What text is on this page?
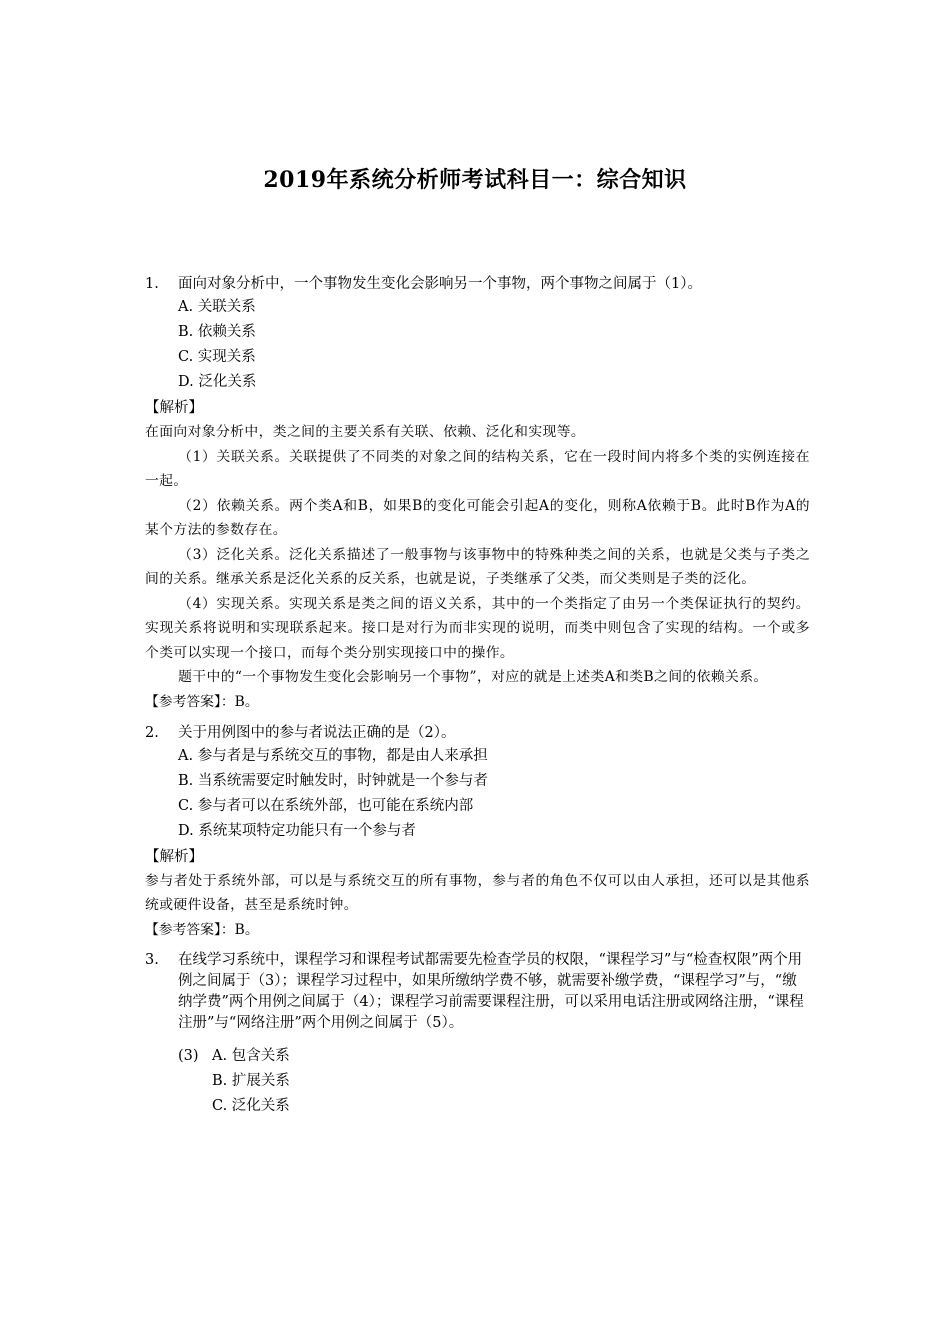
2019年系统分析师考试科目一：综合知识
1.	面向对象分析中，一个事物发生变化会影响另一个事物，两个事物之间属于（1）。
A. 关联关系
B. 依赖关系
C. 实现关系
D. 泛化关系
【解析】
在面向对象分析中，类之间的主要关系有关联、依赖、泛化和实现等。
（1）关联关系。关联提供了不同类的对象之间的结构关系，它在一段时间内将多个类的实例连接在一起。
（2）依赖关系。两个类A和B，如果B的变化可能会引起A的变化，则称A依赖于B。此时B作为A的某个方法的参数存在。
（3）泛化关系。泛化关系描述了一般事物与该事物中的特殊种类之间的关系，也就是父类与子类之间的关系。继承关系是泛化关系的反关系，也就是说，子类继承了父类，而父类则是子类的泛化。
（4）实现关系。实现关系是类之间的语义关系，其中的一个类指定了由另一个类保证执行的契约。实现关系将说明和实现联系起来。接口是对行为而非实现的说明，而类中则包含了实现的结构。一个或多个类可以实现一个接口，而每个类分别实现接口中的操作。
题干中的“一个事物发生变化会影响另一个事物”，对应的就是上述类A和类B之间的依赖关系。
【参考答案】：B。
2.	关于用例图中的参与者说法正确的是（2）。
A. 参与者是与系统交互的事物，都是由人来承担
B. 当系统需要定时触发时，时钟就是一个参与者
C. 参与者可以在系统外部，也可能在系统内部
D. 系统某项特定功能只有一个参与者
【解析】
参与者处于系统外部，可以是与系统交互的所有事物，参与者的角色不仅可以由人承担，还可以是其他系统或硬件设备，甚至是系统时钟。
【参考答案】：B。
3.	在线学习系统中，课程学习和课程考试都需要先检查学员的权限，“课程学习”与“检查权限”两个用例之间属于（3）；课程学习过程中，如果所缴纳学费不够，就需要补缴学费，“课程学习”与，“缴纳学费”两个用例之间属于（4）；课程学习前需要课程注册，可以采用电话注册或网络注册，“课程注册”与“网络注册”两个用例之间属于（5）。
(3) A. 包含关系
B. 扩展关系
C. 泛化关系
